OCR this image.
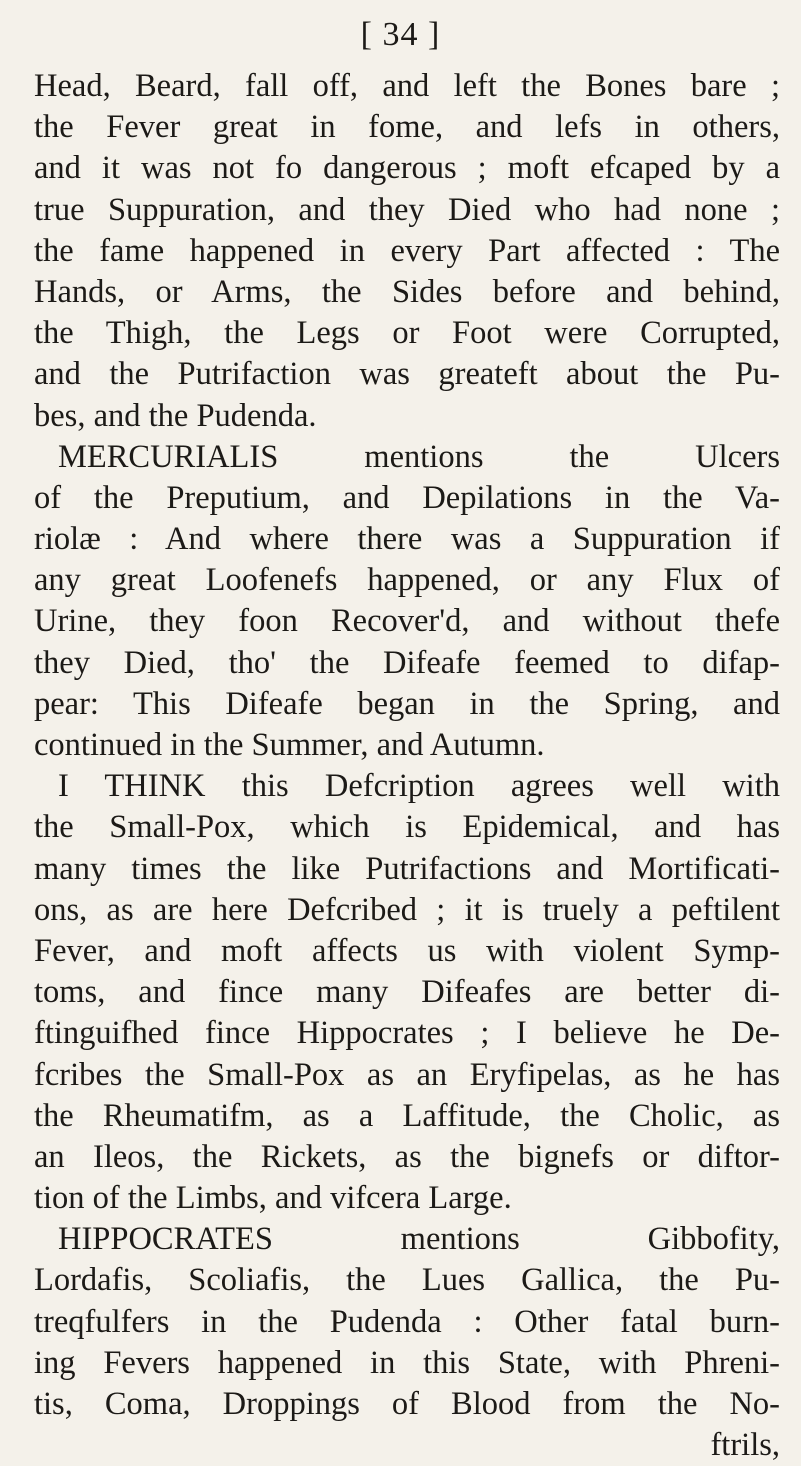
[ 34 ]
Head, Beard, fall off, and left the Bones bare ;
the Fever great in fome, and lefs in others,
and it was not fo dangerous ; moft efcaped by a
true Suppuration, and they Died who had none ;
the fame happened in every Part affected : The
Hands, or Arms, the Sides before and behind,
the Thigh, the Legs or Foot were Corrupted,
and the Putrifaction was greateft about the Pu-
bes, and the Pudenda.
MERCURIALIS mentions the Ulcers
of the Preputium, and Depilations in the Va-
riolæ : And where there was a Suppuration if
any great Loofenefs happened, or any Flux of
Urine, they foon Recover'd, and without thefe
they Died, tho' the Difeafe feemed to difap-
pear: This Difeafe began in the Spring, and
continued in the Summer, and Autumn.
I THINK this Defcription agrees well with
the Small-Pox, which is Epidemical, and has
many times the like Putrifactions and Mortificati-
ons, as are here Defcribed ; it is truely a peftilent
Fever, and moft affects us with violent Symp-
toms, and fince many Difeafes are better di-
ftinguifhed fince Hippocrates ; I believe he De-
fcribes the Small-Pox as an Eryfipelas, as he has
the Rheumatifm, as a Laffitude, the Cholic, as
an Ileos, the Rickets, as the bignefs or diftor-
tion of the Limbs, and vifcera Large.
HIPPOCRATES mentions Gibbofity,
Lordafis, Scoliafis, the Lues Gallica, the Pu-
treqfulfers in the Pudenda : Other fatal burn-
ing Fevers happened in this State, with Phreni-
tis, Coma, Droppings of Blood from the No-
ftrils,
